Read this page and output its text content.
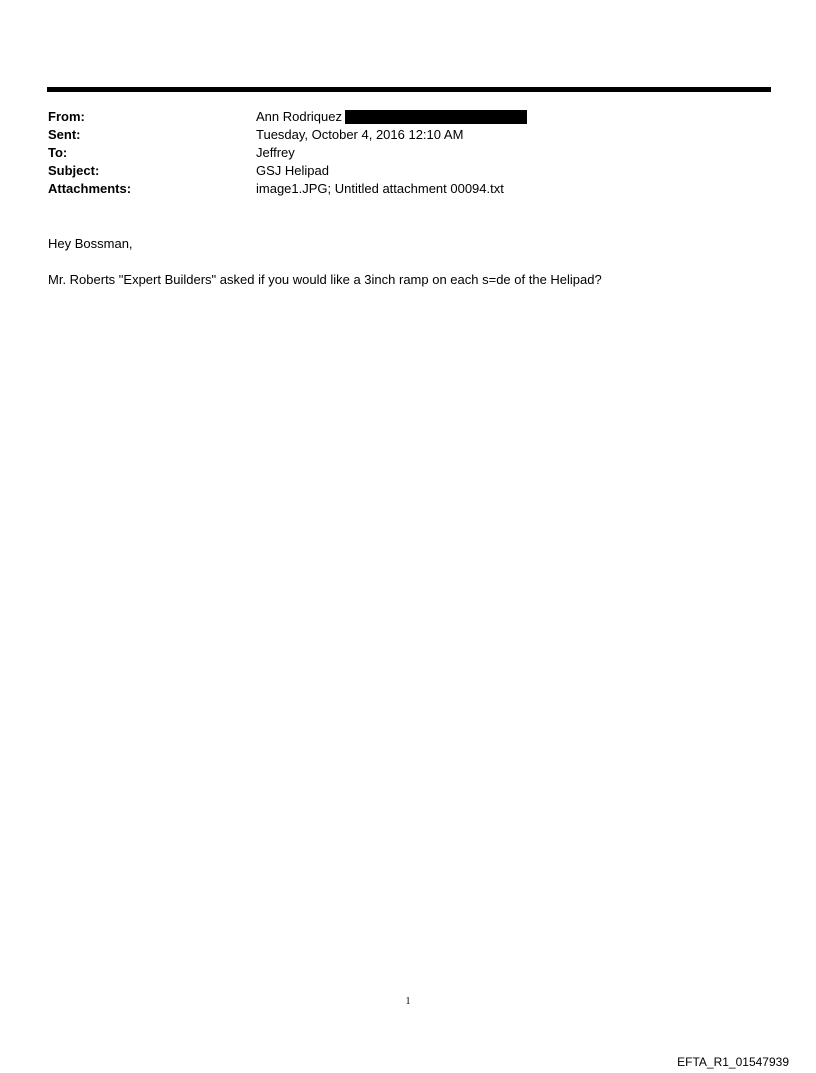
From:	Ann Rodriquez
Sent:	Tuesday, October 4, 2016 12:10 AM
To:	Jeffrey
Subject:	GSJ Helipad
Attachments:	image1.JPG; Untitled attachment 00094.txt
Hey Bossman,
Mr. Roberts "Expert Builders" asked if you would like a 3inch ramp on each s=de of the Helipad?
1
EFTA_R1_01547939
